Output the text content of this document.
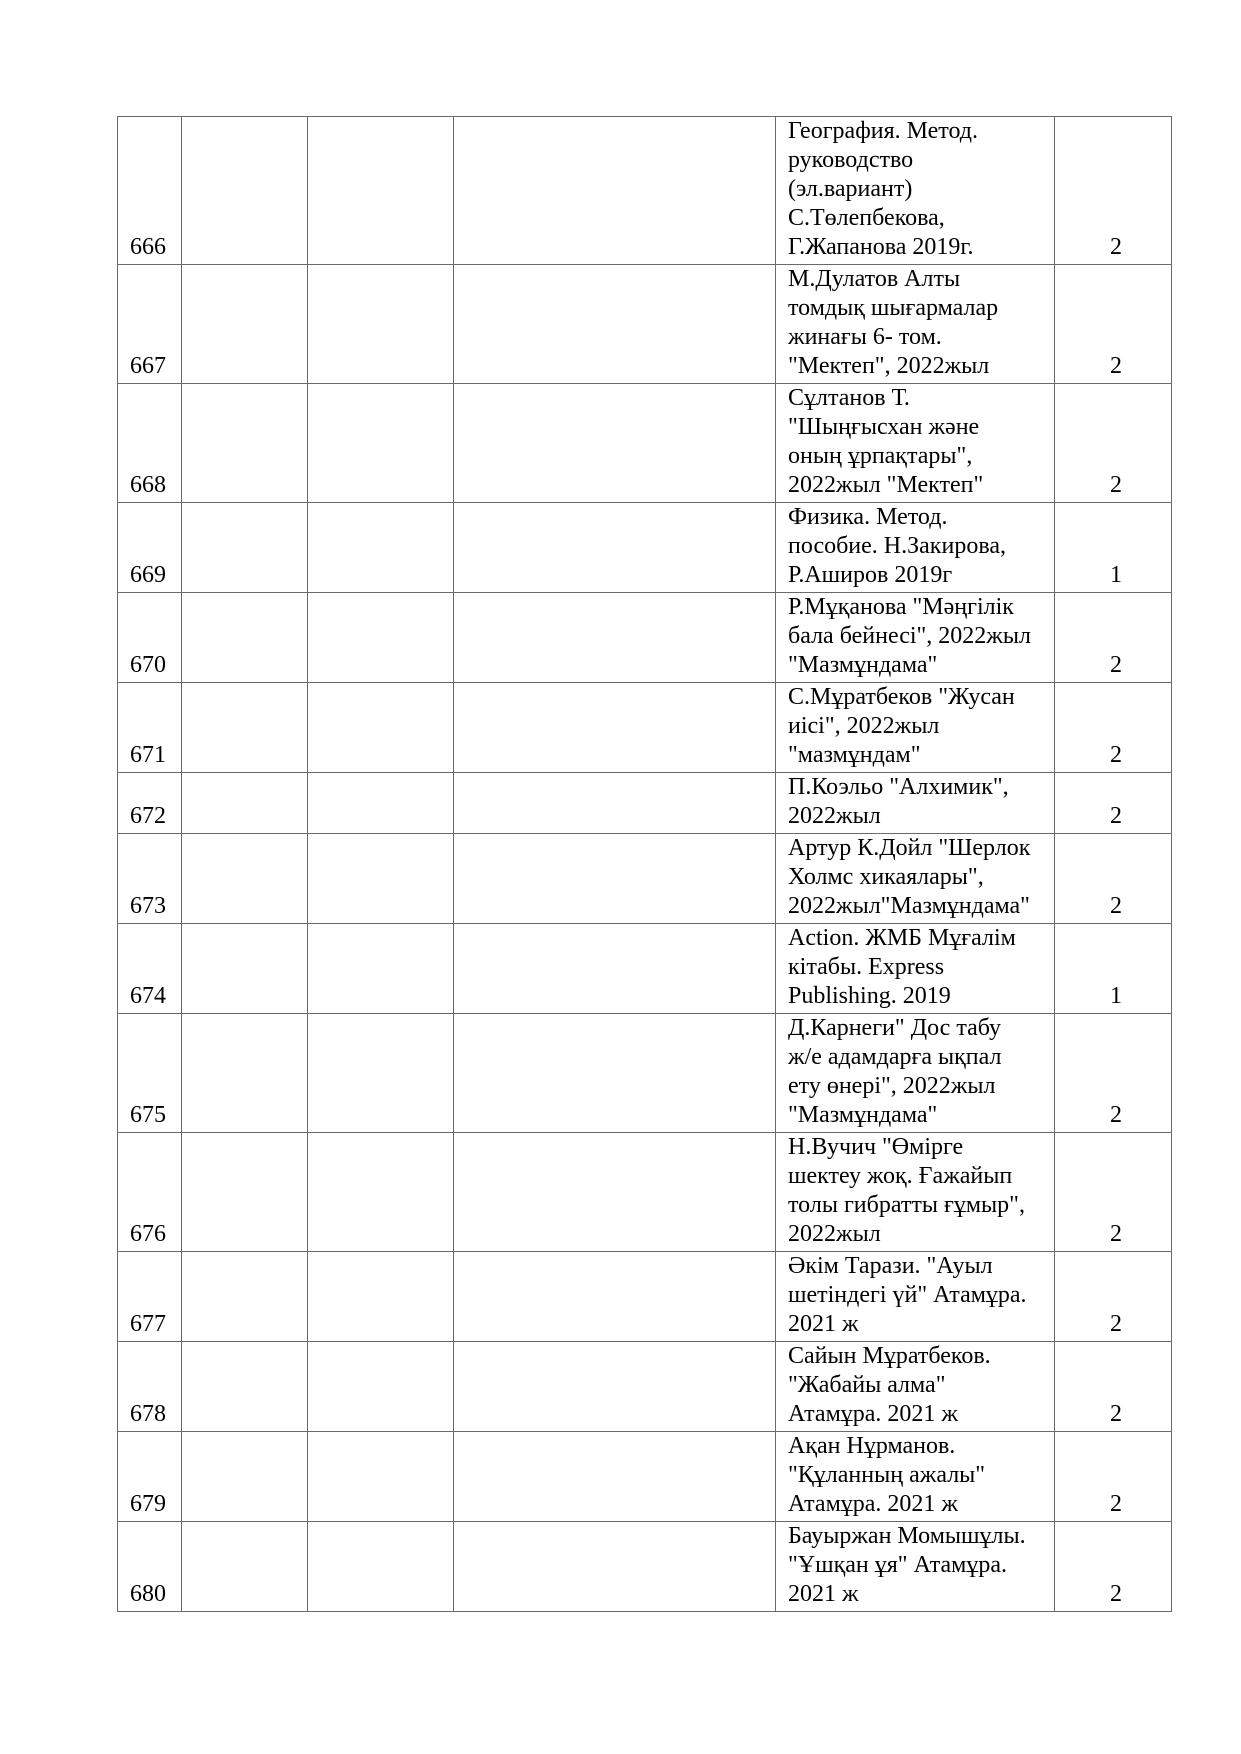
666				География. Метод.
руководство
(эл.вариант)
С.Төлепбекова,
Г.Жапанова 2019г.	2

667				М.Дулатов Алты
томдық шығармалар
жинағы 6- том.
"Мектеп", 2022жыл	2

668				Сұлтанов Т.
"Шыңғысхан және
оның ұрпақтары",
2022жыл "Мектеп"	2

669				Физика. Метод.
пособие. Н.Закирова,
Р.Аширов 2019г	1

670				Р.Мұқанова "Мәңгілік
бала бейнесі", 2022жыл
"Мазмұндама"	2

671				С.Мұратбеков "Жусан
иісі", 2022жыл
"мазмұндам"	2

672				П.Коэльо "Алхимик",
2022жыл	2

673				Артур К.Дойл "Шерлок
Холмс хикаялары",
2022жыл"Мазмұндама"	2

674				Action. ЖМБ Мұғалім
кітабы. Express
Publishing. 2019	1

675				Д.Карнеги" Дос табу
ж/е адамдарға ықпал
ету өнері", 2022жыл
"Мазмұндама"	2

676				Н.Вучич "Өмірге
шектеу жоқ. Ғажайып
толы гибратты ғұмыр",
2022жыл	2

677				Әкім Тарази. "Ауыл
шетіндегі үй" Атамұра.
2021 ж	2

678				Сайын Мұратбеков.
"Жабайы алма"
Атамұра. 2021 ж	2

679				Ақан Нұрманов.
"Құланның ажалы"
Атамұра. 2021 ж	2

680				Бауыржан Момышұлы.
"Ұшқан ұя" Атамұра.
2021 ж	2
